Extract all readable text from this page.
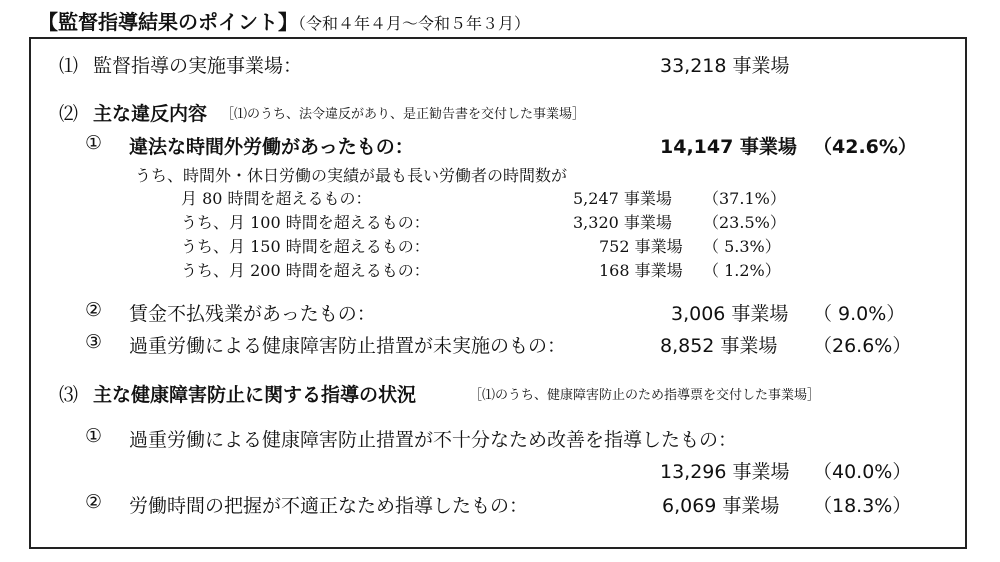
【監督指導結果のポイント】（令和４年４月～令和５年３月）
⑴ 監督指導の実施事業場：	33,218 事業場
⑵ 主な違反内容 ［⑴のうち、法令違反があり、是正勧告書を交付した事業場］
① 違法な時間外労働があったもの：	14,147 事業場 （42.6%）
うち、時間外・休日労働の実績が最も長い労働者の時間数が
月 80 時間を超えるもの：	5,247 事業場 （37.1%）
うち、月 100 時間を超えるもの：	3,320 事業場 （23.5%）
うち、月 150 時間を超えるもの：	752 事業場 （ 5.3%）
うち、月 200 時間を超えるもの：	168 事業場 （ 1.2%）
② 賃金不払残業があったもの：	3,006 事業場 （ 9.0%）
③ 過重労働による健康障害防止措置が未実施のもの：	8,852 事業場 （26.6%）
⑶ 主な健康障害防止に関する指導の状況	［⑴のうち、健康障害防止のため指導票を交付した事業場］
① 過重労働による健康障害防止措置が不十分なため改善を指導したもの：
13,296 事業場 （40.0%）
② 労働時間の把握が不適正なため指導したもの：	6,069 事業場 （18.3%）
